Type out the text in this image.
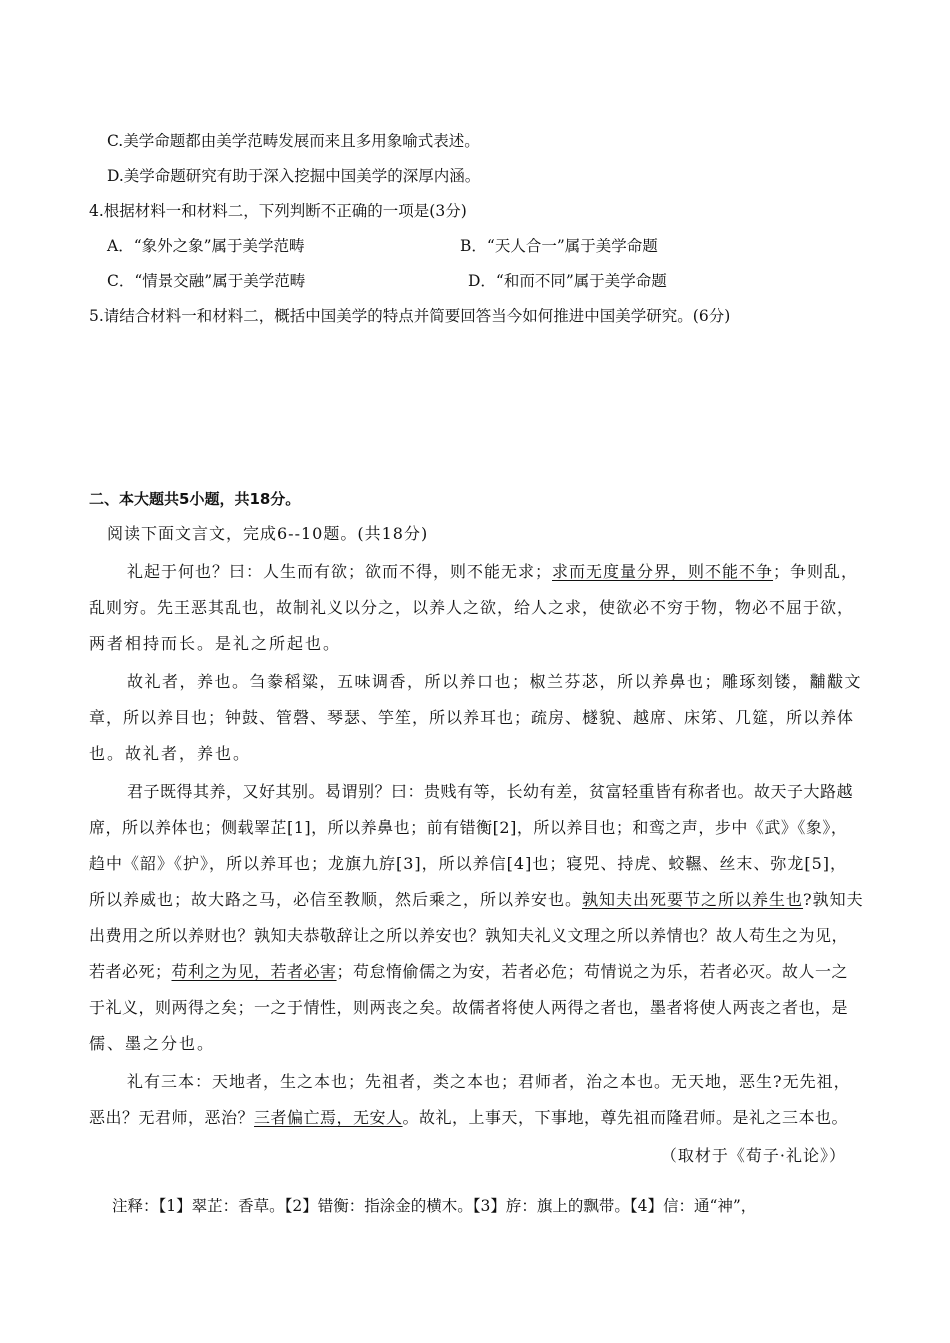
C.美学命题都由美学范畴发展而来且多用象喻式表述。
D.美学命题研究有助于深入挖掘中国美学的深厚内涵。
4.根据材料一和材料二，下列判断不正确的一项是(3分)
A．“象外之象”属于美学范畴	B．“天人合一”属于美学命题
C．“情景交融”属于美学范畴	D．“和而不同”属于美学命题
5.请结合材料一和材料二，概括中国美学的特点并简要回答当今如何推进中国美学研究。(6分)
二、本大题共5小题，共18分。
阅读下面文言文，完成6--10题。(共18分)
礼起于何也？曰：人生而有欲；欲而不得，则不能无求；求而无度量分界，则不能不争；争则乱，
乱则穷。先王恶其乱也，故制礼义以分之，以养人之欲，给人之求，使欲必不穷于物，物必不屈于欲，
两者相持而长。是礼之所起也。
故礼者，养也。刍豢稻粱，五味调香，所以养口也；椒兰芬苾，所以养鼻也；雕琢刻镂，黼黻文
章，所以养目也；钟鼓、管磬、琴瑟、竽笙，所以养耳也；疏房、檖貌、越席、床笫、几筵，所以养体
也。故礼者，养也。
君子既得其养，又好其别。曷谓别？曰：贵贱有等，长幼有差，贫富轻重皆有称者也。故天子大路越
席，所以养体也；侧载睪芷[1]，所以养鼻也；前有错衡[2]，所以养目也；和鸾之声，步中《武》《象》，
趋中《韶》《护》，所以养耳也；龙旗九斿[3]，所以养信[4]也；寝兕、持虎、蛟韅、丝末、弥龙[5]，
所以养威也；故大路之马，必信至教顺，然后乘之，所以养安也。孰知夫出死要节之所以养生也?孰知夫
出费用之所以养财也？孰知夫恭敬辞让之所以养安也？孰知夫礼义文理之所以养情也？故人苟生之为见，
若者必死；苟利之为见，若者必害；苟怠惰偷儒之为安，若者必危；苟情说之为乐，若者必灭。故人一之
于礼义，则两得之矣；一之于情性，则两丧之矣。故儒者将使人两得之者也，墨者将使人两丧之者也，是
儒、墨之分也。
礼有三本：天地者，生之本也；先祖者，类之本也；君师者，治之本也。无天地，恶生?无先祖，
恶出？无君师，恶治？三者偏亡焉，无安人。故礼，上事天，下事地，尊先祖而隆君师。是礼之三本也。
（取材于《荀子·礼论》）
注释：【1】翠芷：香草。【2】错衡：指涂金的横木。【3】斿：旗上的飘带。【4】信：通“神”，
